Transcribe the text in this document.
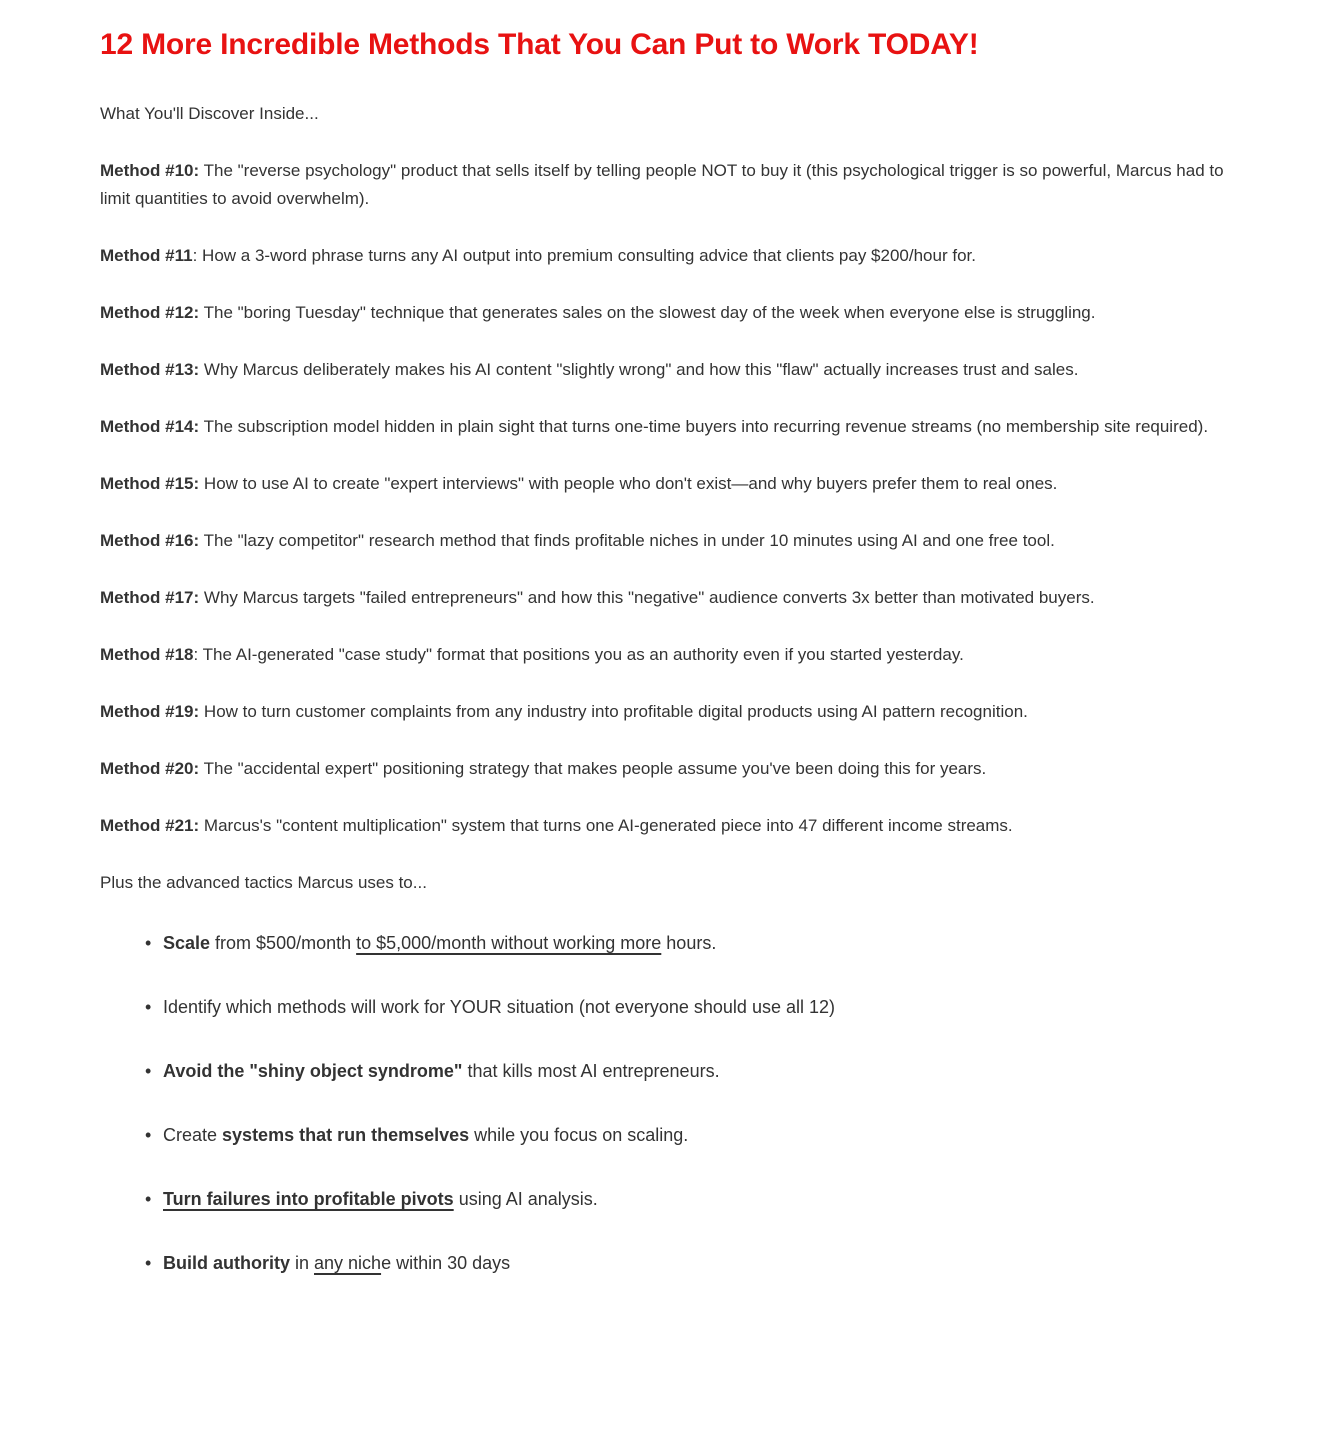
12 More Incredible Methods That You Can Put to Work TODAY!

What You'll Discover Inside...

Method #10: The "reverse psychology" product that sells itself by telling people NOT to buy it (this psychological trigger is so powerful, Marcus had to limit quantities to avoid overwhelm).

Method #11: How a 3-word phrase turns any AI output into premium consulting advice that clients pay $200/hour for.

Method #12: The "boring Tuesday" technique that generates sales on the slowest day of the week when everyone else is struggling.

Method #13: Why Marcus deliberately makes his AI content "slightly wrong" and how this "flaw" actually increases trust and sales.

Method #14: The subscription model hidden in plain sight that turns one-time buyers into recurring revenue streams (no membership site required).

Method #15: How to use AI to create "expert interviews" with people who don't exist—and why buyers prefer them to real ones.

Method #16: The "lazy competitor" research method that finds profitable niches in under 10 minutes using AI and one free tool.

Method #17: Why Marcus targets "failed entrepreneurs" and how this "negative" audience converts 3x better than motivated buyers.

Method #18: The AI-generated "case study" format that positions you as an authority even if you started yesterday.

Method #19: How to turn customer complaints from any industry into profitable digital products using AI pattern recognition.

Method #20: The "accidental expert" positioning strategy that makes people assume you've been doing this for years.

Method #21: Marcus's "content multiplication" system that turns one AI-generated piece into 47 different income streams.

Plus the advanced tactics Marcus uses to...

• Scale from $500/month to $5,000/month without working more hours.
• Identify which methods will work for YOUR situation (not everyone should use all 12)
• Avoid the "shiny object syndrome" that kills most AI entrepreneurs.
• Create systems that run themselves while you focus on scaling.
• Turn failures into profitable pivots using AI analysis.
• Build authority in any niche within 30 days
